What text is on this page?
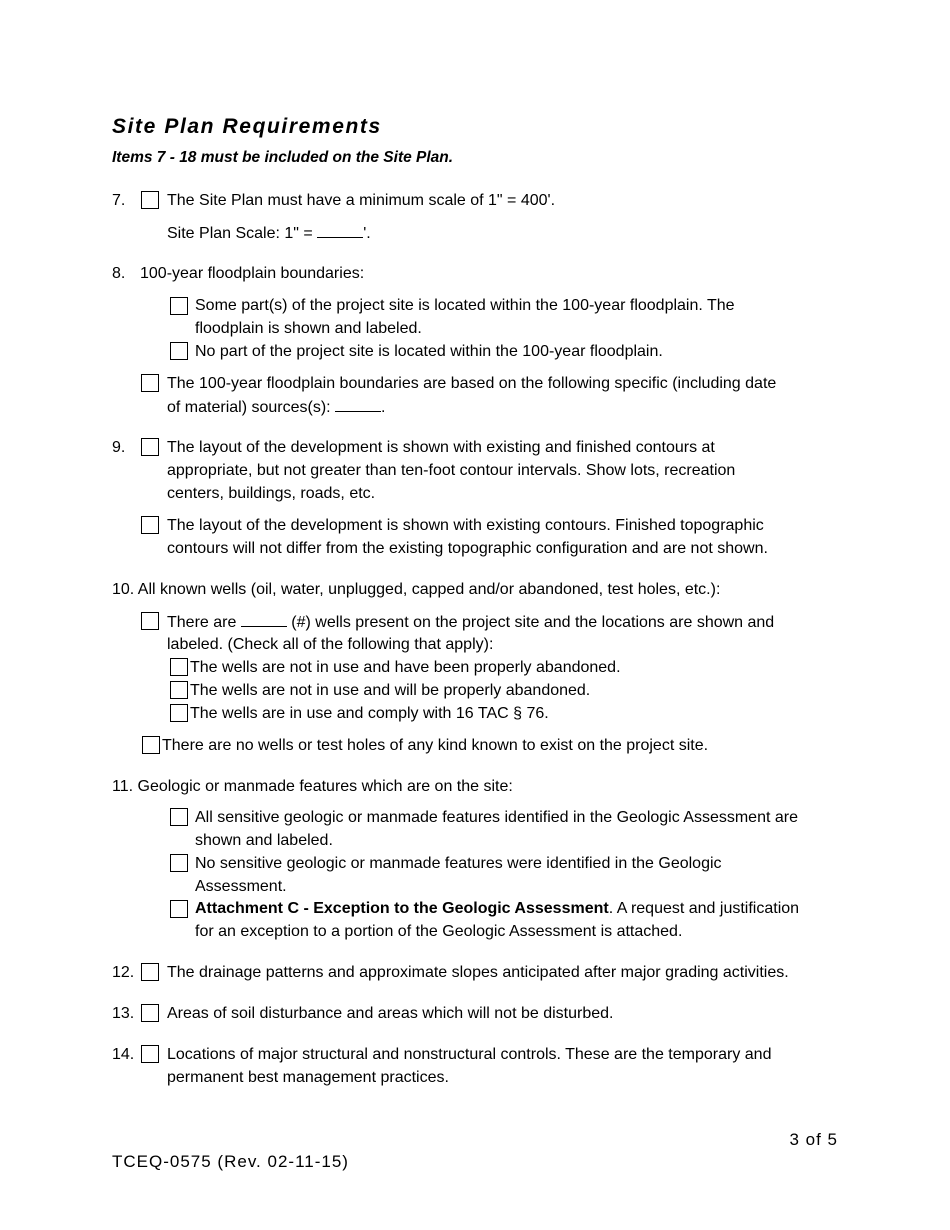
Site Plan Requirements
Items 7 - 18 must be included on the Site Plan.
7.	The Site Plan must have a minimum scale of 1" = 400'.
Site Plan Scale: 1" =	'.
8. 100-year floodplain boundaries:
Some part(s) of the project site is located within the 100-year floodplain. The
floodplain is shown and labeled.
No part of the project site is located within the 100-year floodplain.
The 100-year floodplain boundaries are based on the following specific (including date
of material) sources(s):	.
9.	The layout of the development is shown with existing and finished contours at
appropriate, but not greater than ten-foot contour intervals. Show lots, recreation
centers, buildings, roads, etc.
The layout of the development is shown with existing contours. Finished topographic
contours will not differ from the existing topographic configuration and are not shown.
10. All known wells (oil, water, unplugged, capped and/or abandoned, test holes, etc.):
There are	(#) wells present on the project site and the locations are shown and
labeled. (Check all of the following that apply):
The wells are not in use and have been properly abandoned.
The wells are not in use and will be properly abandoned.
The wells are in use and comply with 16 TAC § 76.
There are no wells or test holes of any kind known to exist on the project site.
11. Geologic or manmade features which are on the site:
All sensitive geologic or manmade features identified in the Geologic Assessment are
shown and labeled.
No sensitive geologic or manmade features were identified in the Geologic
Assessment.
Attachment C - Exception to the Geologic Assessment. A request and justification
for an exception to a portion of the Geologic Assessment is attached.
12. The drainage patterns and approximate slopes anticipated after major grading activities.
13. Areas of soil disturbance and areas which will not be disturbed.
14. Locations of major structural and nonstructural controls. These are the temporary and
permanent best management practices.
3 of 5
TCEQ-0575 (Rev. 02-11-15)
